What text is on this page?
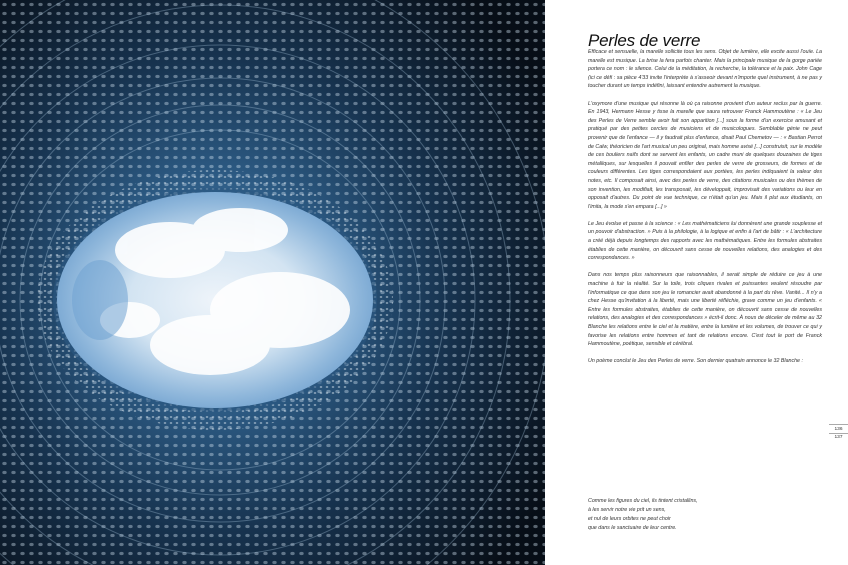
Perles de verre

Efficace et sensuelle, la marelle sollicite tous les sens. Objet de lumière, elle excite aussi l'ouïe. La marelle est musique. La brise la fera parfois chanter. Mais la principale musique de la gorge pariée portera ce nom : le silence. Celui de la méditation, la recherche, la tolérance et la paix. John Cage (ici ce défi : sa pièce 4'33 invite l'interprète à s'asseoir devant n'importe quel instrument, à ne pas y toucher durant un temps indéfini, laissant entendre autrement la musique.

L'oxymore d'une musique qui résonne là où ça raisonne provient d'un auteur reclus par la guerre. En 1943, Hermann Hesse y tisse la marelle que saura retrouver Franck Hammoutène : « Le Jeu des Perles de Verre semble avoir fait son apparition [...] sous la forme d'un exercice amusant et pratiqué par des petites cercles de musiciens et de musicologues. Semblable génie ne peut provenir que de l'enfance — il y faudrait plus d'enfance, disait Paul Chemetov — : « Bastian Perrot de Calw, théoricien de l'art musical un peu original, mais homme avisé [...] construisit, sur le modèle de ces bouliers naïfs dont se servent les enfants, un cadre muni de quelques douzaines de tiges métalliques, sur lesquelles il pouvait enfiler des perles de verre de grosseurs, de formes et de couleurs différentes. Les tiges correspondaient aux portées, les perles indiquaient la valeur des notes, etc. Il composait ainsi, avec des perles de verre, des citations musicales ou des thèmes de son invention, les modifiait, les transposait, les développait, improvisait des variations ou leur en opposait d'autres. Du point de vue technique, ce n'était qu'un jeu. Mais il plut aux étudiants, on l'imita, la mode s'en empara [...] »

Le Jeu évolue et passe à la science : « Les mathématiciens lui donnèrent une grande souplesse et un pouvoir d'abstraction. » Puis à la philologie, à la logique et enfin à l'art de bâtir : « L'architecture a créé déjà depuis longtemps des rapports avec les mathématiques. Entre les formules abstraites établies de cette manière, on découvrit sans cesse de nouvelles relations, des analogies et des correspondances. »

Dans nos temps plus raisonneurs que raisonnables, il serait simple de réduire ce jeu à une machine à fuir la réalité. Sur la toile, trois cliques rivales et puissantes veulent résoudre par l'informatique ce que dans son jeu le romancier avait abandonné à la part du rêve. Vanité... Il n'y a chez Hesse qu'invitation à la liberté, mais une liberté réfléchie, grave comme un jeu d'enfants. « Entre les formules abstraites, établies de cette manière, on découvrit sans cesse de nouvelles relations, des analogies et des correspondances » écrit-il donc. À nous de déceler de même au 32 Blanche les relations entre le ciel et la matière, entre la lumière et les volumes, de trouver ce qui y favorise les relations entre hommes et tant de relations encore. C'est tout le port de Franck Hammoutène, poétique, sensible et cérébral.

Un poème conclut le Jeu des Perles de verre. Son dernier quatrain annonce le 32 Blanche :

Comme les figures du ciel, ils tintent cristallins,
à les servir notre vie prit un sens,
et nul de leurs orbites ne peut choir
que dans le sanctuaire de leur centre.
136
137
